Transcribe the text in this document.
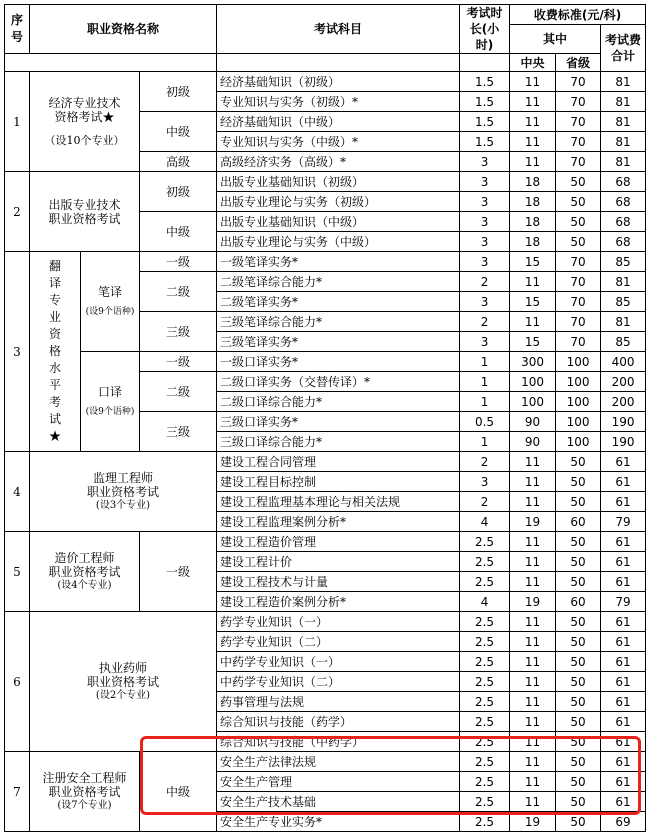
序号	职业资格名称			考试科目	考试时长(小时)	收费标准(元/科)		
						其中		考试费合计
						中央	省级	
1	经济专业技术
资格考试★
（设10个专业）		初级	经济基础知识（初级）	1.5	11	70	81
				专业知识与实务（初级）*	1.5	11	70	81
			中级	经济基础知识（中级）	1.5	11	70	81
				专业知识与实务（中级）*	1.5	11	70	81
			高级	高级经济实务（高级）*	3	11	70	81
2	出版专业技术
职业资格考试		初级	出版专业基础知识（初级）	3	18	50	68
				出版专业理论与实务（初级）	3	18	50	68
			中级	出版专业基础知识（中级）	3	18	50	68
				出版专业理论与实务（中级）	3	18	50	68
3	翻译专业资格水平考试★	笔译
(设9个语种)	一级	一级笔译实务*	3	15	70	85
			二级	二级笔译综合能力*	2	11	70	81
				二级笔译实务*	3	15	70	85
			三级	三级笔译综合能力*	2	11	70	81
				三级笔译实务*	3	15	70	85

		口译
(设9个语种)	一级	一级口译实务*	1	300	100	400
			二级	二级口译实务（交替传译）*	1	100	100	200
				二级口译综合能力*	1	100	100	200
			三级	三级口译实务*	0.5	90	100	190
				三级口译综合能力*	1	90	100	190
4	监理工程师
职业资格考试
(设3个专业)			建设工程合同管理	2	11	50	61
				建设工程目标控制	3	11	50	61
				建设工程监理基本理论与相关法规	2	11	50	61
				建设工程监理案例分析*	4	19	60	79
5	造价工程师
职业资格考试
(设4个专业)		一级	建设工程造价管理	2.5	11	50	61
				建设工程计价	2.5	11	50	61
				建设工程技术与计量	2.5	11	50	61
				建设工程造价案例分析*	4	19	60	79
6	执业药师
职业资格考试
(设2个专业)			药学专业知识（一）	2.5	11	50	61
				药学专业知识（二）	2.5	11	50	61
				中药学专业知识（一）	2.5	11	50	61
				中药学专业知识（二）	2.5	11	50	61
				药事管理与法规	2.5	11	50	61
				综合知识与技能（药学）	2.5	11	50	61
				综合知识与技能（中药学）	2.5	11	50	61
7	注册安全工程师
职业资格考试
(设7个专业)		中级	安全生产法律法规	2.5	11	50	61
				安全生产管理	2.5	11	50	61
				安全生产技术基础	2.5	11	50	61
				安全生产专业实务*	2.5	19	50	69
